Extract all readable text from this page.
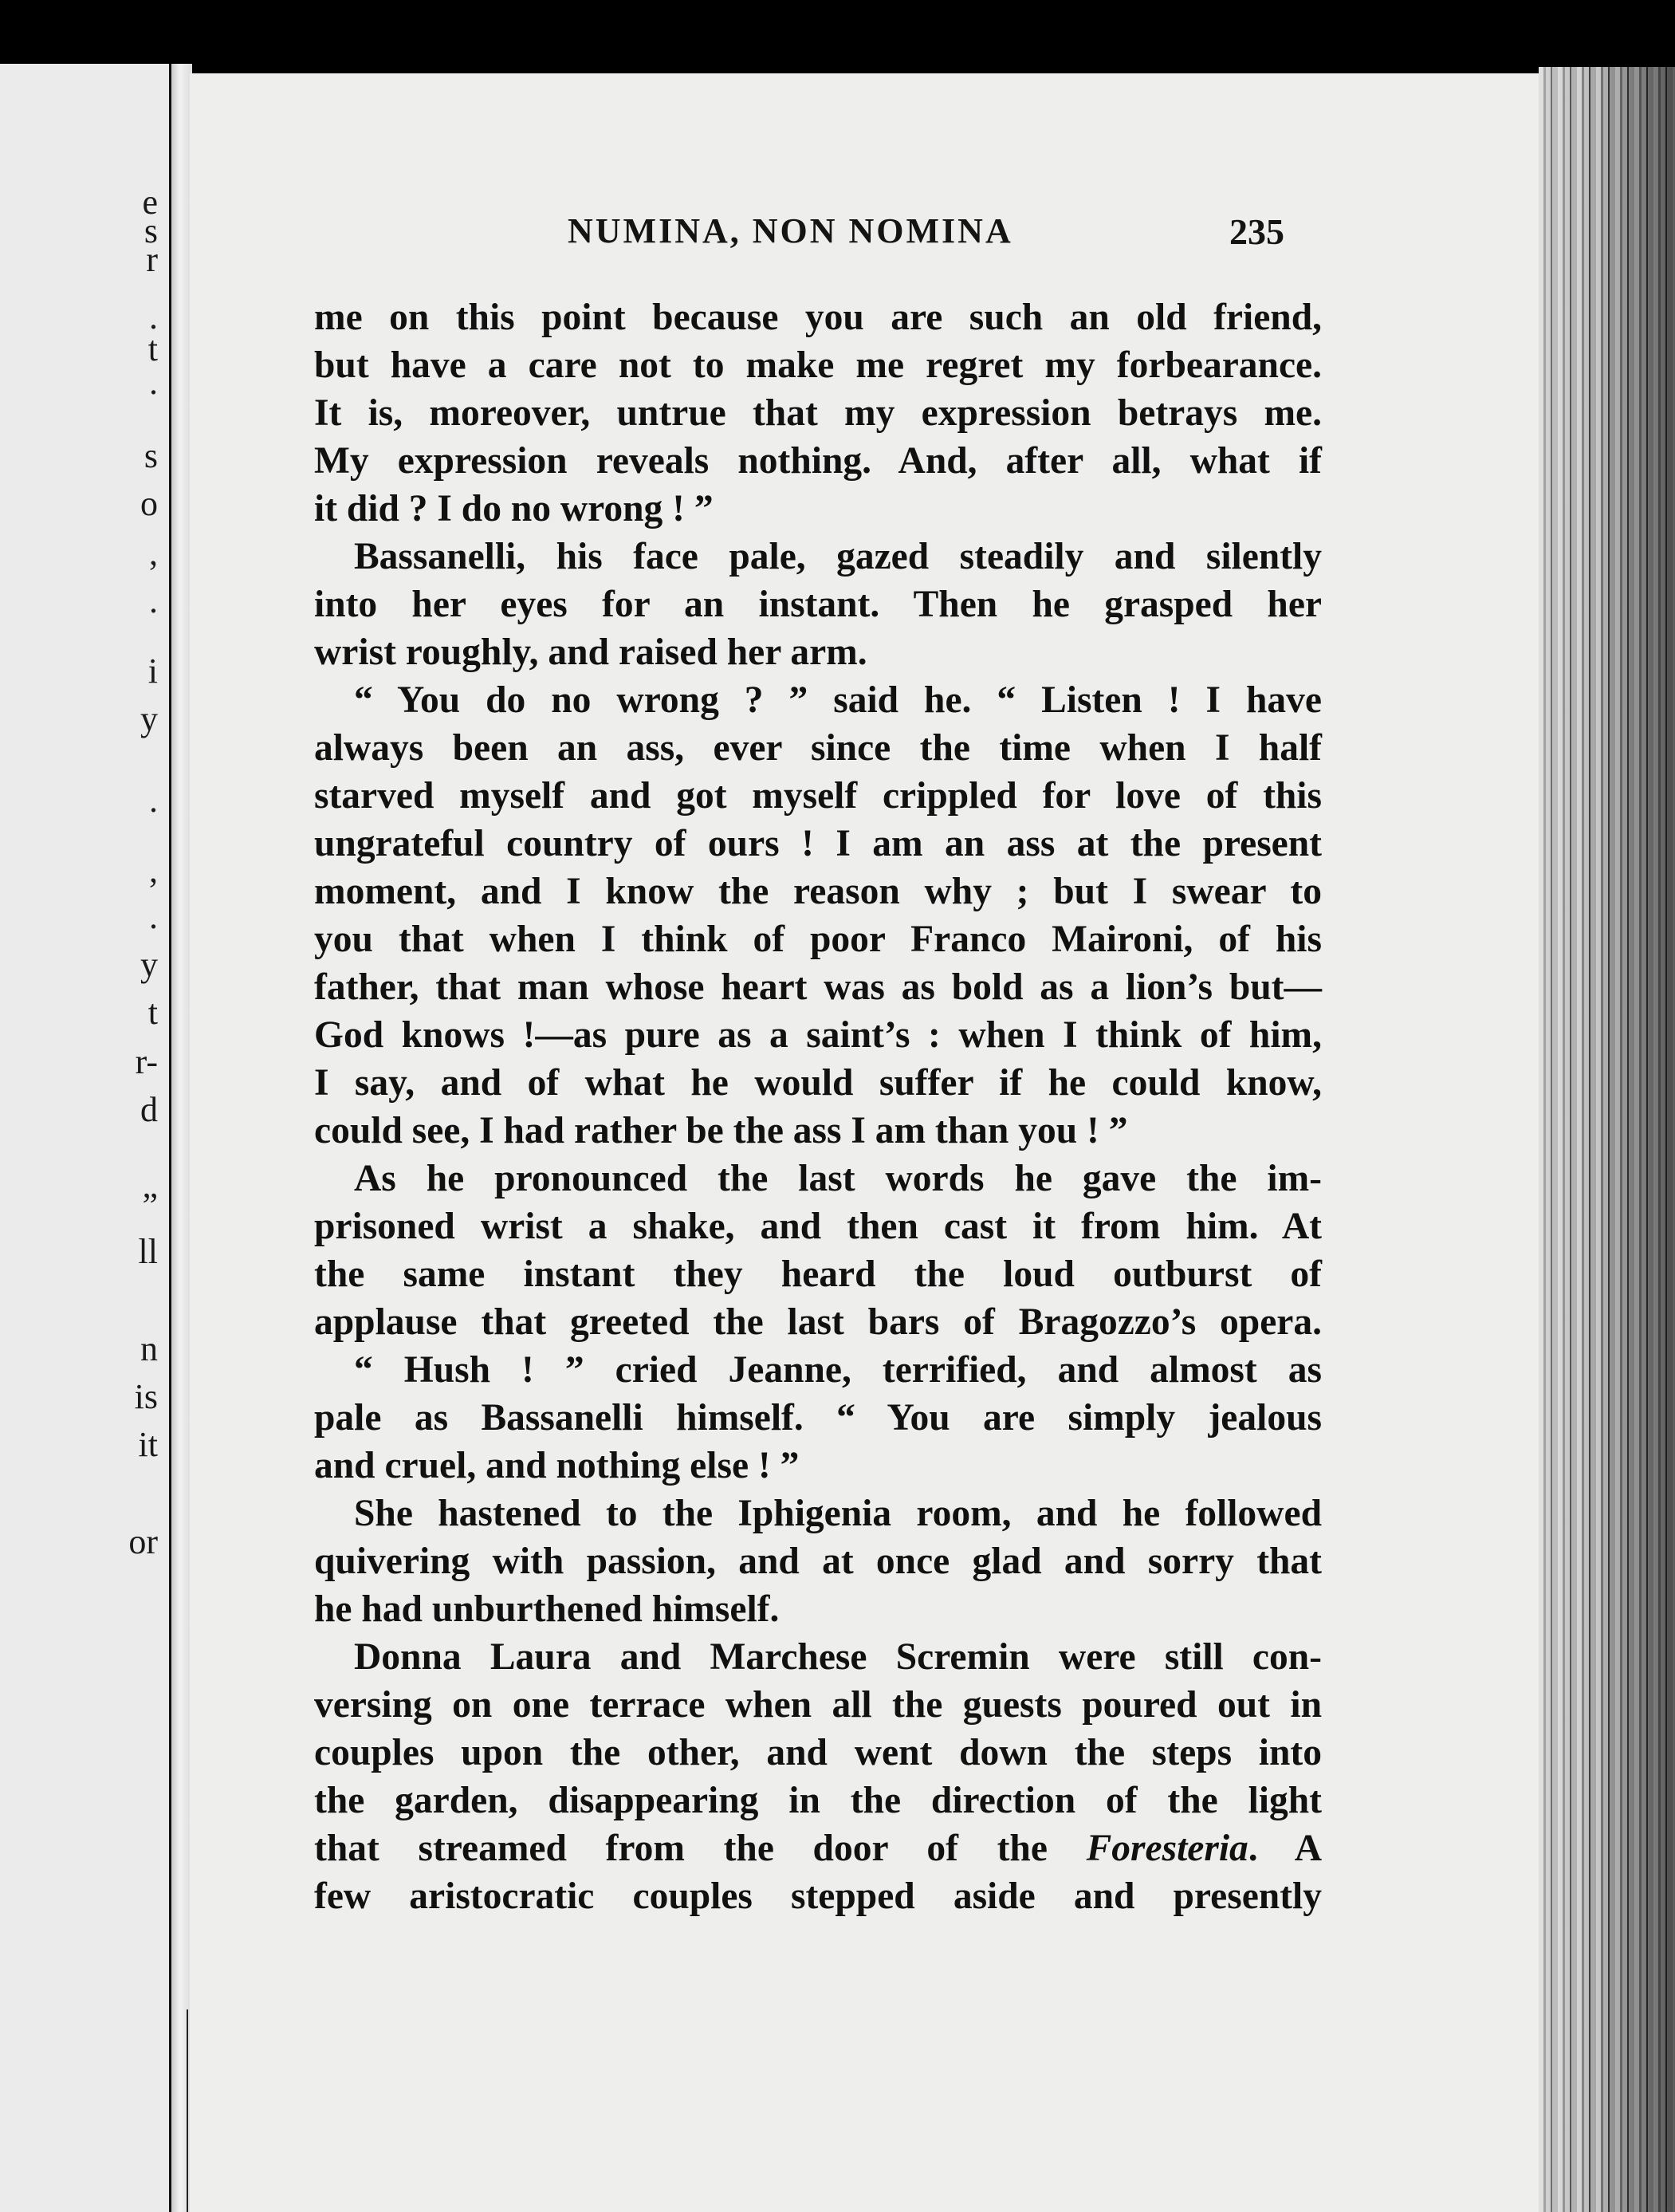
e
s
r
.
t
.
s
o
,
.
i
y
.
,
.
y
t
r-
d
”
ll
n
is
it
or
NUMINA, NON NOMINA	235
me on this point because you are such an old friend,
but have a care not to make me regret my forbearance.
It is, moreover, untrue that my expression betrays me.
My expression reveals nothing. And, after all, what if
it did ? I do no wrong ! ”
Bassanelli, his face pale, gazed steadily and silently
into her eyes for an instant. Then he grasped her
wrist roughly, and raised her arm.
“ You do no wrong ? ” said he. “ Listen ! I have
always been an ass, ever since the time when I half
starved myself and got myself crippled for love of this
ungrateful country of ours ! I am an ass at the present
moment, and I know the reason why ; but I swear to
you that when I think of poor Franco Maironi, of his
father, that man whose heart was as bold as a lion’s but—
God knows !—as pure as a saint’s : when I think of him,
I say, and of what he would suffer if he could know,
could see, I had rather be the ass I am than you ! ”
As he pronounced the last words he gave the im-
prisoned wrist a shake, and then cast it from him. At
the same instant they heard the loud outburst of
applause that greeted the last bars of Bragozzo’s opera.
“ Hush ! ” cried Jeanne, terrified, and almost as
pale as Bassanelli himself. “ You are simply jealous
and cruel, and nothing else ! ”
She hastened to the Iphigenia room, and he followed
quivering with passion, and at once glad and sorry that
he had unburthened himself.
Donna Laura and Marchese Scremin were still con-
versing on one terrace when all the guests poured out in
couples upon the other, and went down the steps into
the garden, disappearing in the direction of the light
that streamed from the door of the Foresteria. A
few aristocratic couples stepped aside and presently
